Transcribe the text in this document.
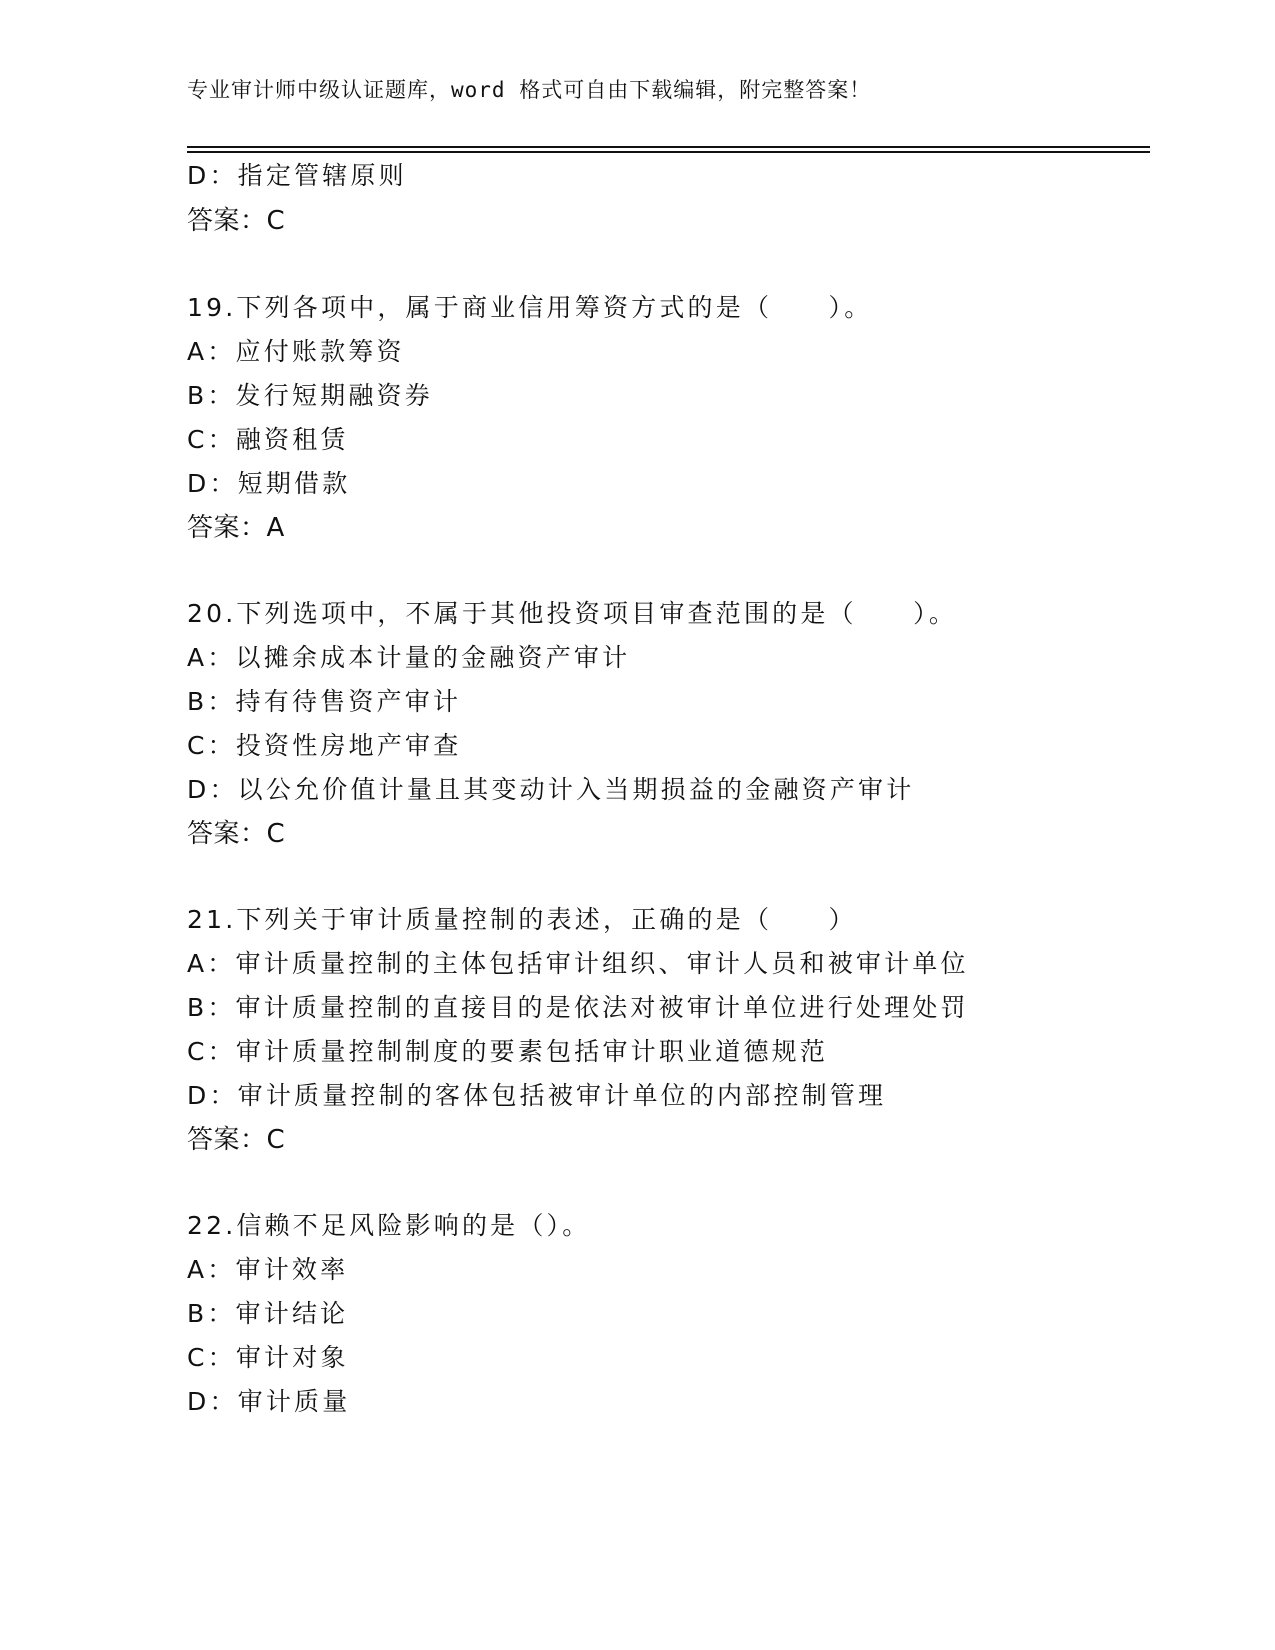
专业审计师中级认证题库，word 格式可自由下载编辑，附完整答案！
D：指定管辖原则
答案：C
19.下列各项中，属于商业信用筹资方式的是（　　）。
A：应付账款筹资
B：发行短期融资券
C：融资租赁
D：短期借款
答案：A
20.下列选项中，不属于其他投资项目审查范围的是（　　）。
A：以摊余成本计量的金融资产审计
B：持有待售资产审计
C：投资性房地产审查
D：以公允价值计量且其变动计入当期损益的金融资产审计
答案：C
21.下列关于审计质量控制的表述，正确的是（　　）
A：审计质量控制的主体包括审计组织、审计人员和被审计单位
B：审计质量控制的直接目的是依法对被审计单位进行处理处罚
C：审计质量控制制度的要素包括审计职业道德规范
D：审计质量控制的客体包括被审计单位的内部控制管理
答案：C
22.信赖不足风险影响的是（）。
A：审计效率
B：审计结论
C：审计对象
D：审计质量
